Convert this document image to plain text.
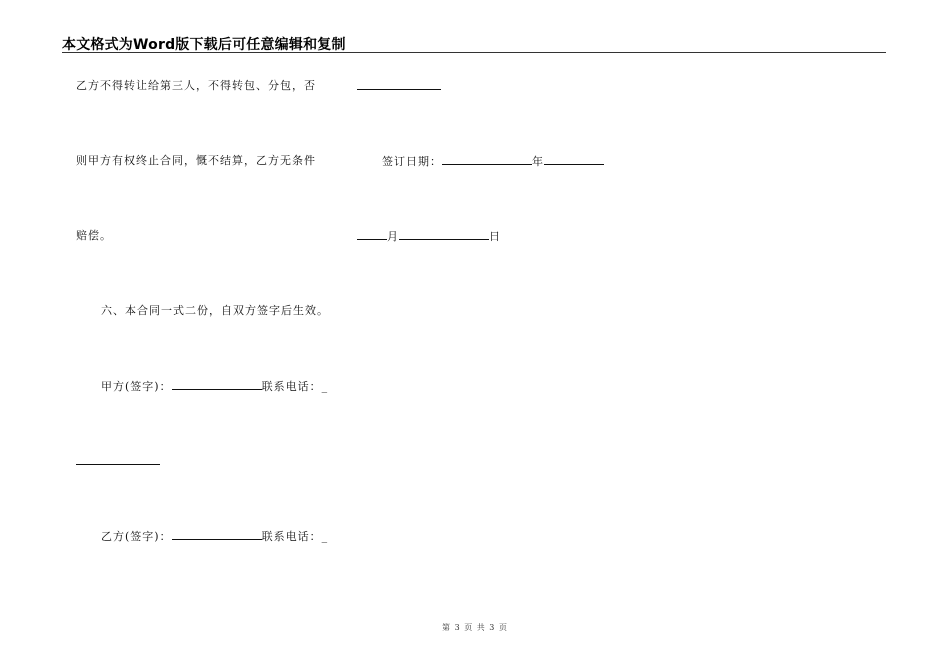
本文格式为Word版下载后可任意编辑和复制
乙方不得转让给第三人，不得转包、分包，否
则甲方有权终止合同，慨不结算，乙方无条件
赔偿。
六、本合同一式二份，自双方签字后生效。
甲方(签字)：	联系电话：_
乙方(签字)：	联系电话：_
签订日期：	年
月	日
第 3 页 共 3 页
